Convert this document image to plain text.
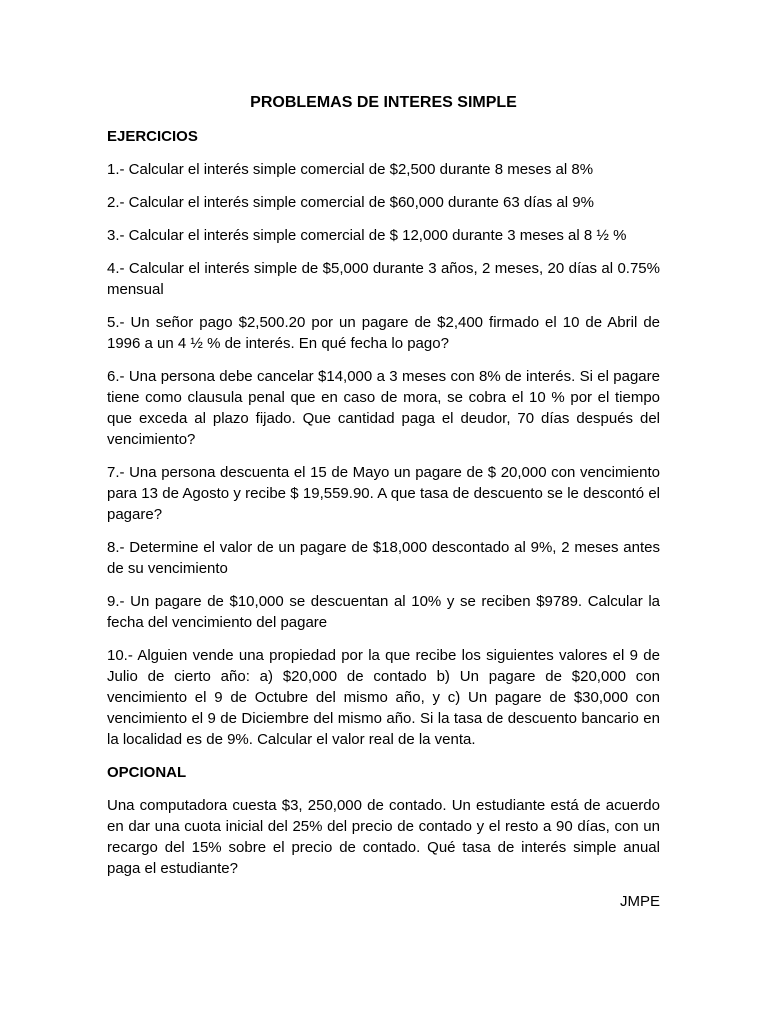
PROBLEMAS DE INTERES SIMPLE
EJERCICIOS

1.- Calcular el interés simple comercial de $2,500 durante 8 meses al 8%

2.- Calcular el interés simple comercial de $60,000 durante 63 días al 9%

3.- Calcular el interés simple comercial de $ 12,000 durante 3 meses al 8 ½ %

4.- Calcular el interés simple de $5,000 durante 3 años, 2 meses, 20 días al 0.75% mensual

5.- Un señor pago $2,500.20 por un pagare de $2,400 firmado el 10 de Abril de 1996 a un 4 ½ % de interés. En qué fecha lo pago?

6.- Una persona debe cancelar $14,000 a 3 meses con 8% de interés. Si el pagare tiene como clausula penal que en caso de mora, se cobra el 10 % por el tiempo que exceda al plazo fijado. Que cantidad paga el deudor, 70 días después del vencimiento?

7.- Una persona descuenta el 15 de Mayo un pagare de $ 20,000 con vencimiento para 13 de Agosto y recibe $ 19,559.90. A que tasa de descuento se le descontó el pagare?

8.- Determine el valor de un pagare de $18,000 descontado al 9%, 2 meses antes de su vencimiento

9.- Un pagare de $10,000 se descuentan al 10% y se reciben $9789. Calcular la fecha del vencimiento del pagare

10.- Alguien vende una propiedad por la que recibe los siguientes valores el 9 de Julio de cierto año: a) $20,000 de contado b) Un pagare de $20,000 con vencimiento el 9 de Octubre del mismo año, y c) Un pagare de $30,000 con vencimiento el 9 de Diciembre del mismo año. Si la tasa de descuento bancario en la localidad es de 9%. Calcular el valor real de la venta.

OPCIONAL

Una computadora cuesta $3, 250,000 de contado. Un estudiante está de acuerdo en dar una cuota inicial del 25% del precio de contado y el resto a 90 días, con un recargo del 15% sobre el precio de contado. Qué tasa de interés simple anual paga el estudiante?

JMPE
